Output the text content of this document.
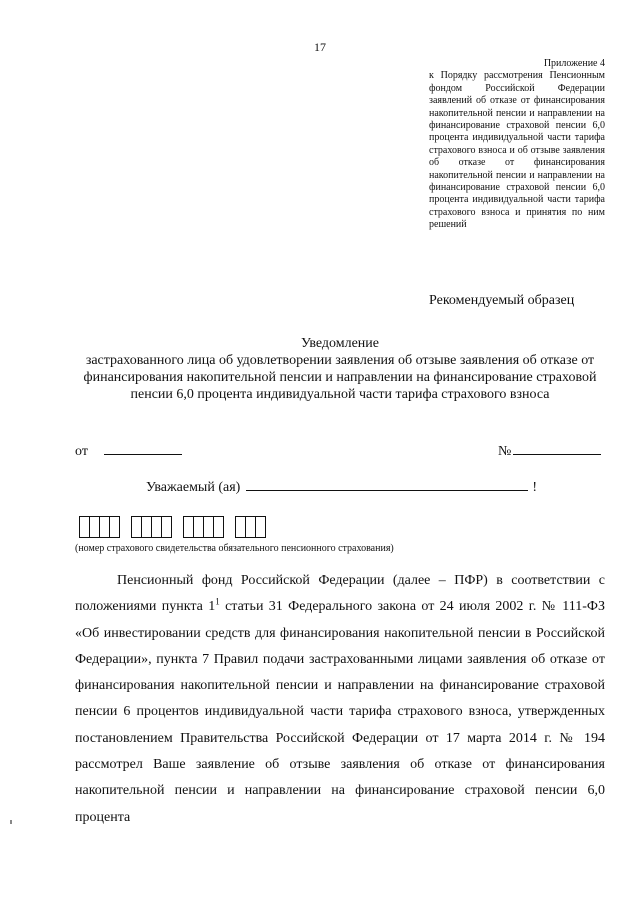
17
Приложение 4
к Порядку рассмотрения Пенсионным фондом Российской Федерации заявлений об отказе от финансирования накопительной пенсии и направлении на финансирование страховой пенсии 6,0 процента индивидуальной части тарифа страхового взноса и об отзыве заявления об отказе от финансирования накопительной пенсии и направлении на финансирование страховой пенсии 6,0 процента индивидуальной части тарифа страхового взноса и принятия по ним решений
Рекомендуемый образец
Уведомление
застрахованного лица об удовлетворении заявления об отзыве заявления об отказе от финансирования накопительной пенсии и направлении на финансирование страховой пенсии 6,0 процента индивидуальной части тарифа страхового взноса
от	№
Уважаемый (ая)	!
(номер страхового свидетельства обязательного пенсионного страхования)
Пенсионный фонд Российской Федерации (далее – ПФР) в соответствии с положениями пункта $1^1$ статьи 31 Федерального закона от 24 июля 2002 г. № 111-ФЗ «Об инвестировании средств для финансирования накопительной пенсии в Российской Федерации», пункта 7 Правил подачи застрахованными лицами заявления об отказе от финансирования накопительной пенсии и направлении на финансирование страховой пенсии 6 процентов индивидуальной части тарифа страхового взноса, утвержденных постановлением Правительства Российской Федерации от 17 марта 2014 г. № 194 рассмотрел Ваше заявление об отзыве заявления об отказе от финансирования накопительной пенсии и направлении на финансирование страховой пенсии 6,0 процента
